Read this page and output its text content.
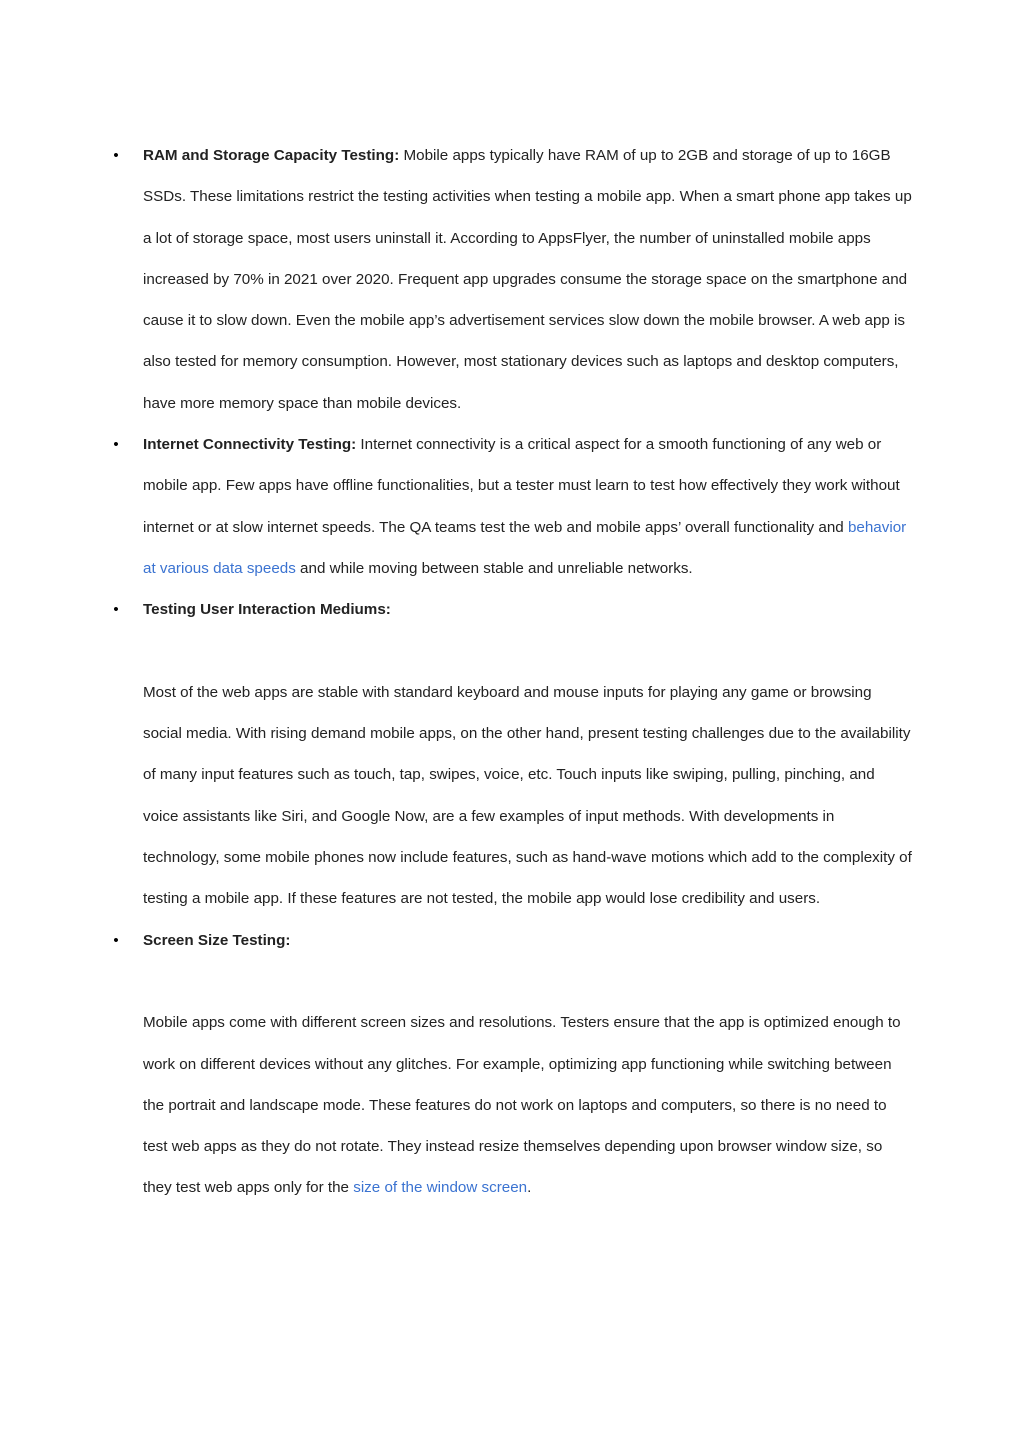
• RAM and Storage Capacity Testing: Mobile apps typically have RAM of up to 2GB and storage of up to 16GB SSDs. These limitations restrict the testing activities when testing a mobile app. When a smart phone app takes up a lot of storage space, most users uninstall it. According to AppsFlyer, the number of uninstalled mobile apps increased by 70% in 2021 over 2020. Frequent app upgrades consume the storage space on the smartphone and cause it to slow down. Even the mobile app’s advertisement services slow down the mobile browser. A web app is also tested for memory consumption. However, most stationary devices such as laptops and desktop computers, have more memory space than mobile devices.
• Internet Connectivity Testing: Internet connectivity is a critical aspect for a smooth functioning of any web or mobile app. Few apps have offline functionalities, but a tester must learn to test how effectively they work without internet or at slow internet speeds. The QA teams test the web and mobile apps’ overall functionality and behavior at various data speeds and while moving between stable and unreliable networks.
• Testing User Interaction Mediums:

Most of the web apps are stable with standard keyboard and mouse inputs for playing any game or browsing social media. With rising demand mobile apps, on the other hand, present testing challenges due to the availability of many input features such as touch, tap, swipes, voice, etc. Touch inputs like swiping, pulling, pinching, and voice assistants like Siri, and Google Now, are a few examples of input methods. With developments in technology, some mobile phones now include features, such as hand-wave motions which add to the complexity of testing a mobile app. If these features are not tested, the mobile app would lose credibility and users.

• Screen Size Testing:

Mobile apps come with different screen sizes and resolutions. Testers ensure that the app is optimized enough to work on different devices without any glitches. For example, optimizing app functioning while switching between the portrait and landscape mode. These features do not work on laptops and computers, so there is no need to test web apps as they do not rotate. They instead resize themselves depending upon browser window size, so they test web apps only for the size of the window screen.
